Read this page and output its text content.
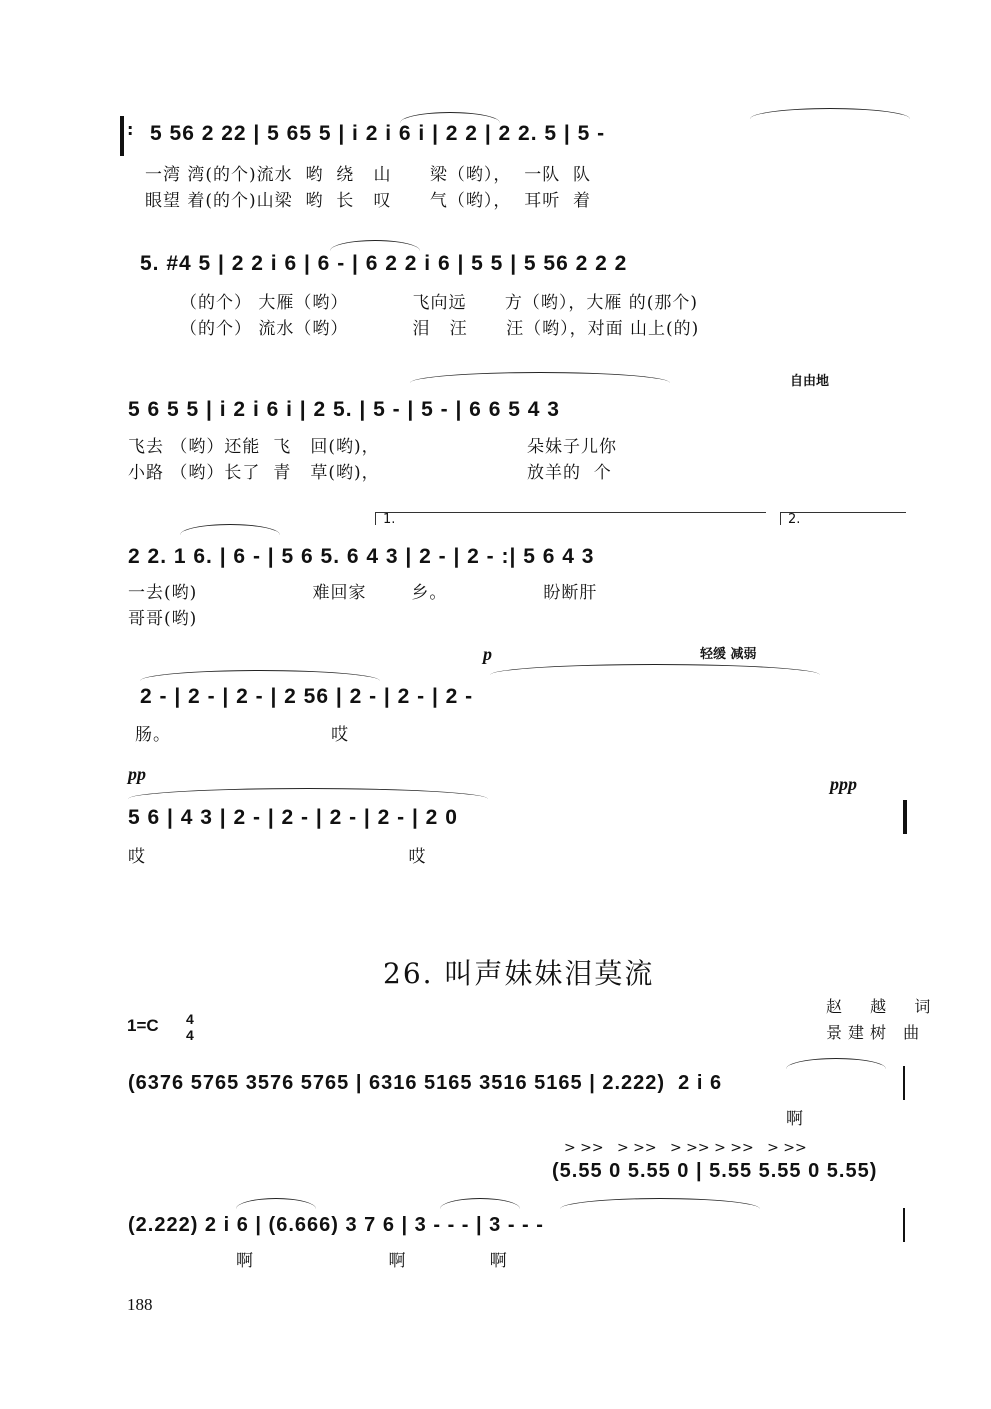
: 5 56 2 22 | 5 65 5 | i 2 i 6 i | 2 2 | 2 2. 5 | 5 -
一湾 湾(的个)流水  哟  绕   山      梁（哟），  一队  队
眼望 着(的个)山梁  哟  长   叹      气（哟），  耳听  着
5. #4 5 | 2 2 i 6 | 6 - | 6 2 2 i 6 | 5 5 | 5 56 2 2 2
（的个） 大雁（哟）          飞向远      方（哟），大雁 的(那个)
（的个） 流水（哟）          泪   汪      汪（哟），对面 山上(的)
自由地
5 6 5 5 | i 2 i 6 i | 2 5. | 5 - | 5 - | 6 6 5 4 3
飞去 （哟）还能  飞   回(哟)，                       朵妹子儿你
小路 （哟）长了  青   草(哟)，                       放羊的  个
1.	2.
2 2. 1 6. | 6 - | 5 6 5. 6 4 3 | 2 - | 2 - :| 5 6 4 3
一去(哟)                  难回家       乡。               盼断肝
哥哥(哟)
p	轻缓 减弱
2 - | 2 - | 2 - | 2 56 | 2 - | 2 - | 2 -
肠。                         哎
pp	ppp
5 6 | 4 3 | 2 - | 2 - | 2 - | 2 - | 2 0
哎                                         哎
26. 叫声妹妹泪莫流
赵  越  词
景建树 曲
1=C 4
4
(6376 5765 3576 5765 | 6316 5165 3516 5165 | 2.222)  2 i 6
啊
> >>   > >>   > >> > >>   > >>
(5.55 0 5.55 0 | 5.55 5.55 0 5.55)
(2.222) 2 i 6 | (6.666) 3 7 6 | 3 - - - | 3 - - -
啊                     啊             啊
188
